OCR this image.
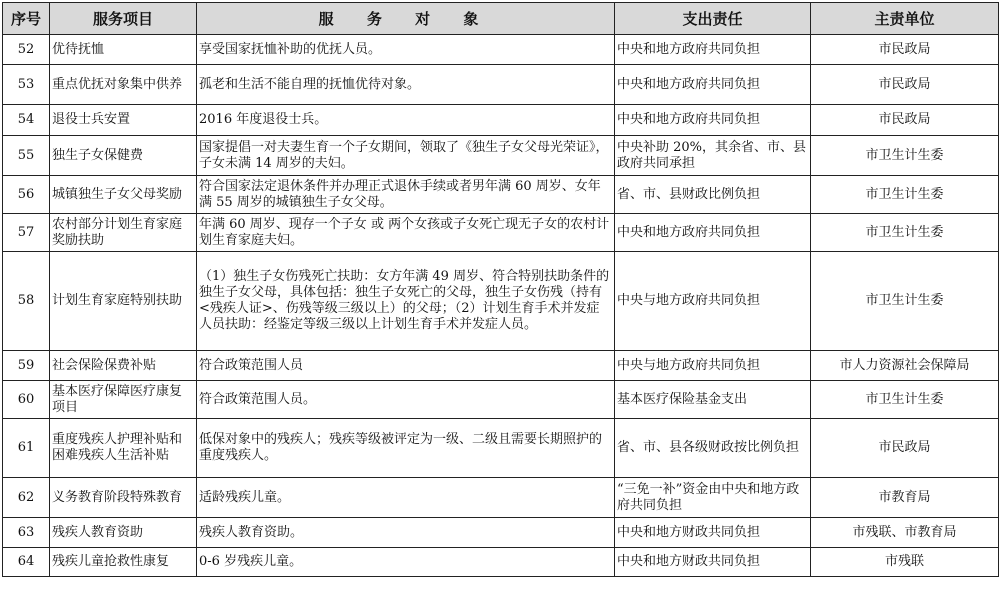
序号	服务项目	服 务 对 象	支出责任	主责单位
52	优待抚恤	享受国家抚恤补助的优抚人员。	中央和地方政府共同负担	市民政局
53	重点优抚对象集中供养	孤老和生活不能自理的抚恤优待对象。	中央和地方政府共同负担	市民政局
54	退役士兵安置	2016 年度退役士兵。	中央和地方政府共同负担	市民政局
55	独生子女保健费	国家提倡一对夫妻生育一个子女期间，领取了《独生子女父母光荣证》，子女未满 14 周岁的夫妇。	中央补助 20%，其余省、市、县政府共同承担	市卫生计生委
56	城镇独生子女父母奖励	符合国家法定退休条件并办理正式退休手续或者男年满 60 周岁、女年满 55 周岁的城镇独生子女父母。	省、市、县财政比例负担	市卫生计生委
57	农村部分计划生育家庭奖励扶助	年满 60 周岁、现存一个子女 或 两个女孩或子女死亡现无子女的农村计划生育家庭夫妇。	中央和地方政府共同负担	市卫生计生委
58	计划生育家庭特别扶助	（1）独生子女伤残死亡扶助：女方年满 49 周岁、符合特别扶助条件的独生子女父母，具体包括：独生子女死亡的父母，独生子女伤残（持有<残疾人证>、伤残等级三级以上）的父母；（2）计划生育手术并发症人员扶助：经鉴定等级三级以上计划生育手术并发症人员。	中央与地方政府共同负担	市卫生计生委
59	社会保险保费补贴	符合政策范围人员	中央与地方政府共同负担	市人力资源社会保障局
60	基本医疗保障医疗康复项目	符合政策范围人员。	基本医疗保险基金支出	市卫生计生委
61	重度残疾人护理补贴和困难残疾人生活补贴	低保对象中的残疾人；残疾等级被评定为一级、二级且需要长期照护的重度残疾人。	省、市、县各级财政按比例负担	市民政局
62	义务教育阶段特殊教育	适龄残疾儿童。	“三免一补”资金由中央和地方政府共同负担	市教育局
63	残疾人教育资助	残疾人教育资助。	中央和地方财政共同负担	市残联、市教育局
64	残疾儿童抢救性康复	0-6 岁残疾儿童。	中央和地方财政共同负担	市残联
